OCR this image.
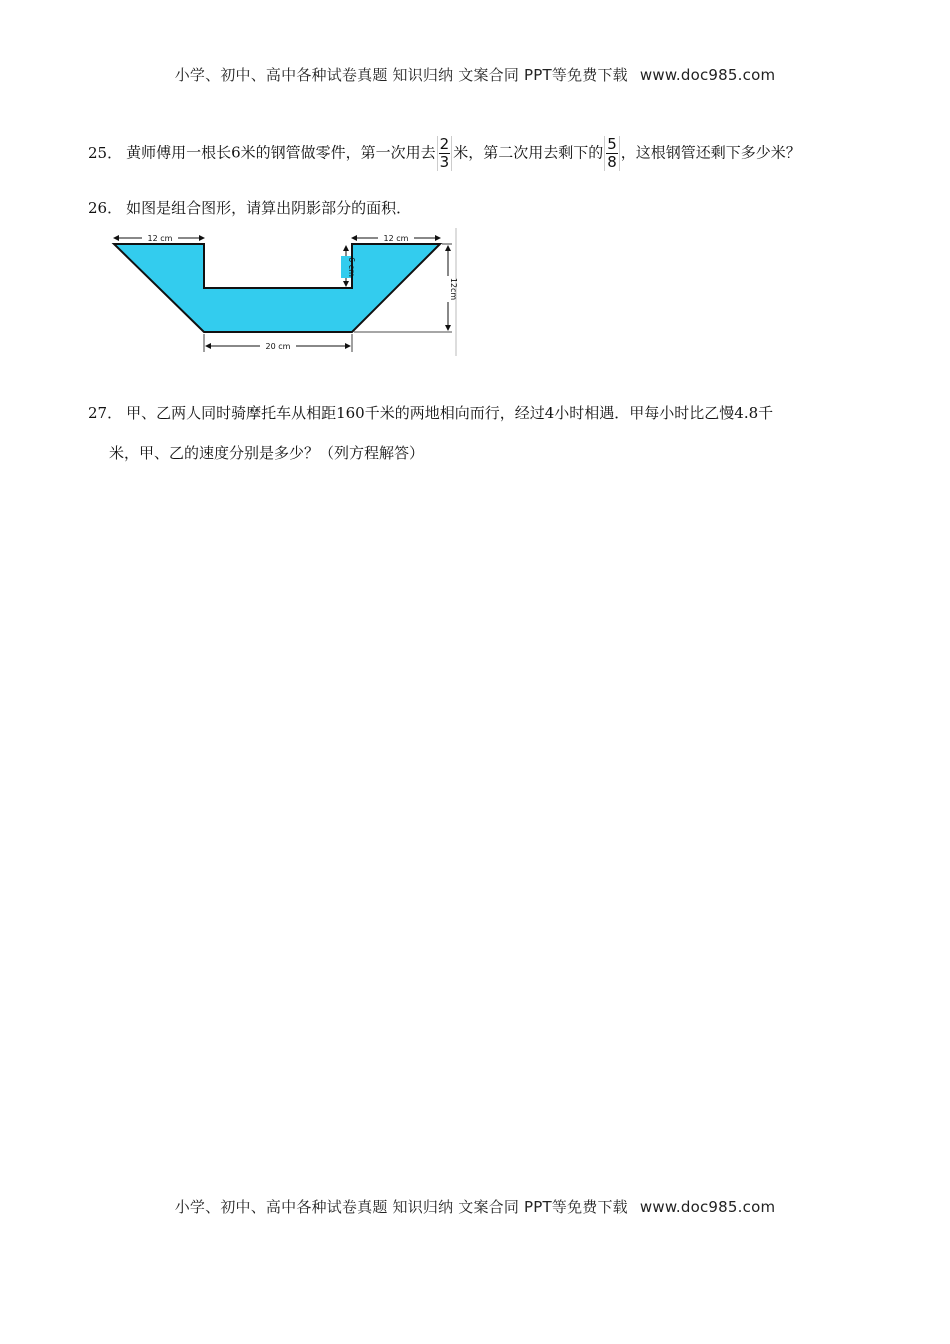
小学、初中、高中各种试卷真题 知识归纳 文案合同 PPT等免费下载 www.doc985.com
25． 黄师傅用一根长6米的钢管做零件，第一次用去 $\frac{2}{3}$ 米，第二次用去剩下的 $\frac{5}{8}$ ，这根钢管还剩下多少米？
26． 如图是组合图形，请算出阴影部分的面积．
12 cm	12 cm
6 cm
12cm
20 cm
27． 甲、乙两人同时骑摩托车从相距160千米的两地相向而行，经过4小时相遇．甲每小时比乙慢4.8千
米，甲、乙的速度分别是多少？（列方程解答）
小学、初中、高中各种试卷真题 知识归纳 文案合同 PPT等免费下载 www.doc985.com
